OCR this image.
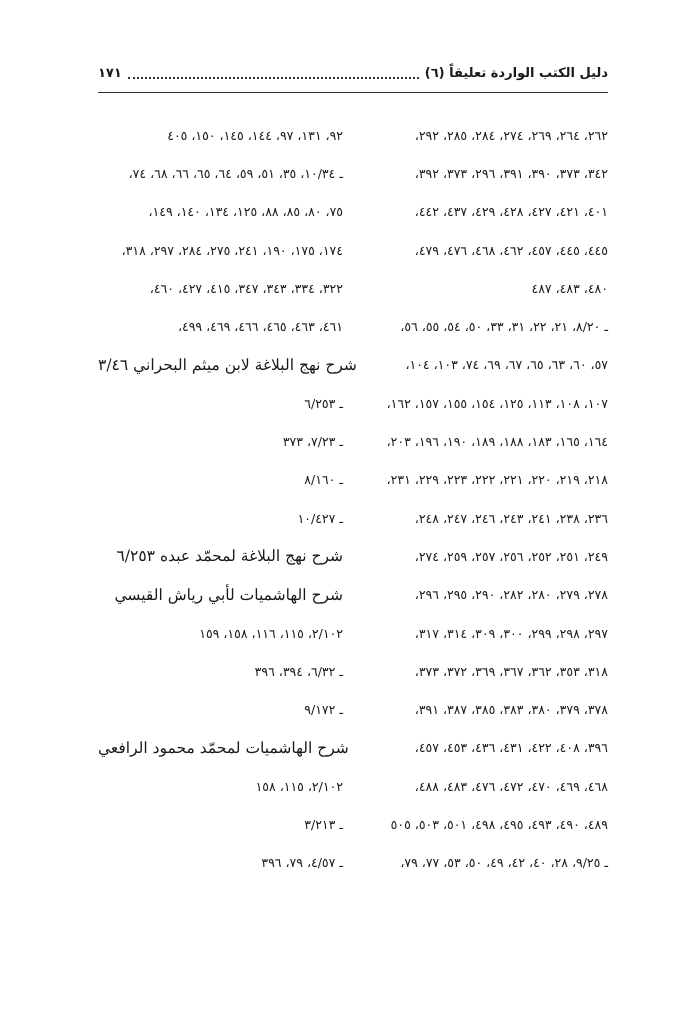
دليل الكتب الواردة تعليقاً (٦)
١٧١
٢٦٢، ٢٦٤، ٢٦٩، ٢٧٤، ٢٨٤، ٢٨٥، ٢٩٢،
٩٢، ١٣١، ٩٧، ١٤٤، ١٤٥، ١٥٠، ٤٠٥
٣٤٢، ٣٧٣، ٣٩٠، ٣٩١، ٢٩٦، ٣٧٣، ٣٩٢،
ـ ١٠/٣٤، ٣٥، ٥١، ٥٩، ٦٤، ٦٥، ٦٦، ٦٨، ٧٤،
٤٠١، ٤٢١، ٤٢٧، ٤٢٨، ٤٢٩، ٤٣٧، ٤٤٢،
٧٥، ٨٠، ٨٥، ٨٨، ١٢٥، ١٣٤، ١٤٠، ١٤٩،
٤٤٥، ٤٤٥، ٤٥٧، ٤٦٢، ٤٦٨، ٤٧٦، ٤٧٩،
١٧٤، ١٧٥، ١٩٠، ٢٤١، ٢٧٥، ٢٨٤، ٢٩٧، ٣١٨،
٤٨٠، ٤٨٣، ٤٨٧
٣٢٢، ٣٣٤، ٣٤٣، ٣٤٧، ٤١٥، ٤٢٧، ٤٦٠،
ـ ٨/٢٠، ٢١، ٢٢، ٣١، ٣٣، ٥٠، ٥٤، ٥٥، ٥٦،
٤٦١، ٤٦٣، ٤٦٥، ٤٦٦، ٤٦٩، ٤٩٩،
٥٧، ٦٠، ٦٣، ٦٥، ٦٧، ٦٩، ٧٤، ١٠٣، ١٠٤،
شرح نهج البلاغة لابن ميثم البحراني ٣/٤٦
١٠٧، ١٠٨، ١١٣، ١٢٥، ١٥٤، ١٥٥، ١٥٧، ١٦٢،
ـ ٦/٢٥٣
١٦٤، ١٦٥، ١٨٣، ١٨٨، ١٨٩، ١٩٠، ١٩٦، ٢٠٣،
ـ ٧/٢٣، ٣٧٣
٢١٨، ٢١٩، ٢٢٠، ٢٢١، ٢٢٢، ٢٢٣، ٢٢٩، ٢٣١،
ـ ٨/١٦٠
٢٣٦، ٢٣٨، ٢٤١، ٢٤٣، ٢٤٦، ٢٤٧، ٢٤٨،
ـ ١٠/٤٢٧
٢٤٩، ٢٥١، ٢٥٢، ٢٥٦، ٢٥٧، ٢٥٩، ٢٧٤،
شرح نهج البلاغة لمحمّد عبده ٦/٢٥٣
٢٧٨، ٢٧٩، ٢٨٠، ٢٨٢، ٢٩٠، ٢٩٥، ٢٩٦،
شرح الهاشميات لأبي رياش القيسي
٢٩٧، ٢٩٨، ٢٩٩، ٣٠٠، ٣٠٩، ٣١٤، ٣١٧،
٢/١٠٢، ١١٥، ١١٦، ١٥٨، ١٥٩
٣١٨، ٣٥٣، ٣٦٢، ٣٦٧، ٣٦٩، ٣٧٢، ٣٧٣،
ـ ٦/٣٢، ٣٩٤، ٣٩٦
٣٧٨، ٣٧٩، ٣٨٠، ٣٨٣، ٣٨٥، ٣٨٧، ٣٩١،
ـ ٩/١٧٢
٣٩٦، ٤٠٨، ٤٢٢، ٤٣١، ٤٣٦، ٤٥٣، ٤٥٧،
شرح الهاشميات لمحمّد محمود الرافعي
٤٦٨، ٤٦٩، ٤٧٠، ٤٧٢، ٤٧٦، ٤٨٣، ٤٨٨،
٢/١٠٢، ١١٥، ١٥٨
٤٨٩، ٤٩٠، ٤٩٣، ٤٩٥، ٤٩٨، ٥٠١، ٥٠٣، ٥٠٥
ـ ٣/٢١٣
ـ ٩/٢٥، ٢٨، ٤٠، ٤٢، ٤٩، ٥٠، ٥٣، ٧٧، ٧٩،
ـ ٤/٥٧، ٧٩، ٣٩٦
